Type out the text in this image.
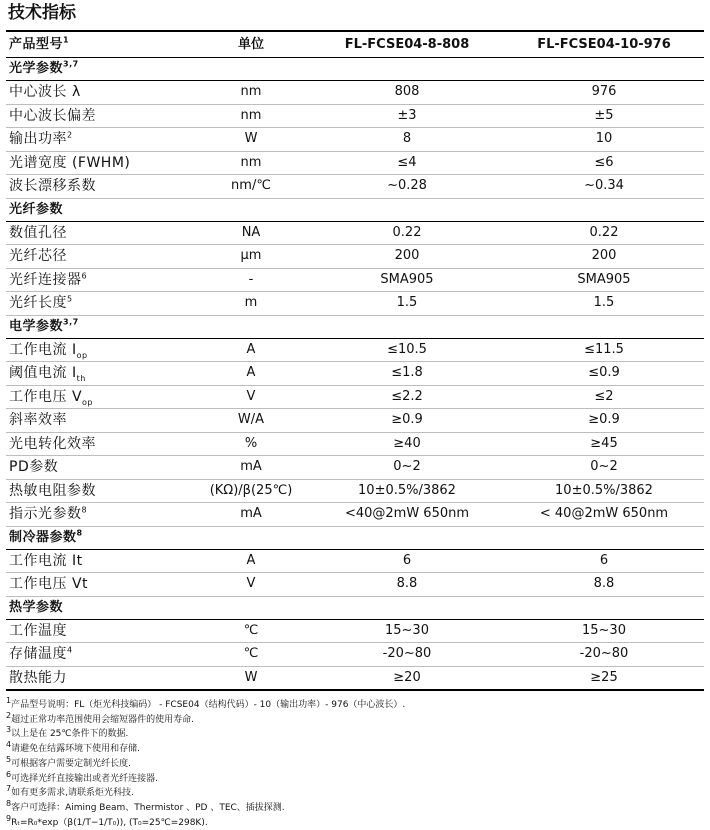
技术指标
产品型号$^1$	单位	FL-FCSE04-8-808	FL-FCSE04-10-976
光学参数$^{3,7}$
中心波长 λ	nm	808	976
中心波长偏差	nm	±3	±5
输出功率$^2$	W	8	10
光谱宽度 (FWHM)	nm	≤4	≤6
波长漂移系数	nm/℃	~0.28	~0.34
光纤参数			
数值孔径	NA	0.22	0.22
光纤芯径	μm	200	200
光纤连接器$^6$	-	SMA905	SMA905
光纤长度$^5$	m	1.5	1.5
电学参数$^{3,7}$
工作电流 $I_{op}$	A	≤10.5	≤11.5
阈值电流 $I_{th}$	A	≤1.8	≤0.9
工作电压 $V_{op}$	V	≤2.2	≤2
斜率效率	W/A	≥0.9	≥0.9
光电转化效率	%	≥40	≥45
PD参数	mA	0~2	0~2
热敏电阻参数	(KΩ)/β(25℃)	10±0.5%/3862	10±0.5%/3862
指示光参数$^8$	mA	<40@2mW 650nm	< 40@2mW 650nm
制冷器参数$^8$
工作电流 It	A	6	6
工作电压 Vt	V	8.8	8.8
热学参数			
工作温度	℃	15~30	15~30
存储温度$^4$	℃	-20~80	-20~80
散热能力	W	≥20	≥25
1产品型号说明：FL（炬光科技编码） - FCSE04（结构代码）- 10（输出功率）- 976（中心波长）.
2超过正常功率范围使用会缩短器件的使用寿命.
3以上是在 25℃条件下的数据.
4请避免在结露环境下使用和存储.
5可根据客户需要定制光纤长度.
6可选择光纤直接输出或者光纤连接器.
7如有更多需求,请联系炬光科技.
8客户可选择：Aiming Beam、Thermistor 、PD 、TEC、插拔探测.
9Rₜ=R₀*exp（β(1/T−1/T₀)), (T₀=25℃=298K).
